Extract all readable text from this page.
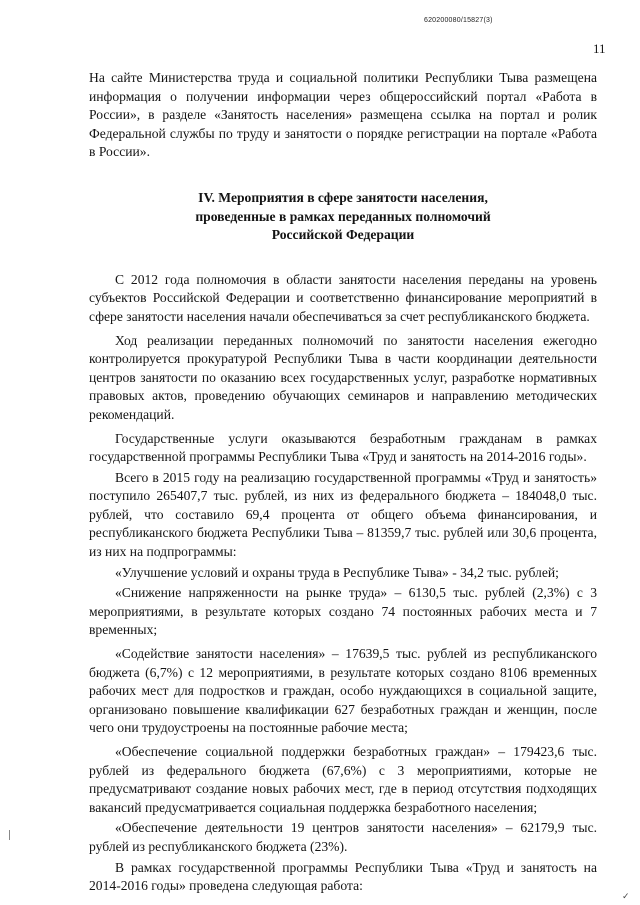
620200080/15827(3)
11

На сайте Министерства труда и социальной политики Республики Тыва размещена информация о получении информации через общероссийский портал «Работа в России», в разделе «Занятость населения» размещена ссылка на портал и ролик Федеральной службы по труду и занятости о порядке регистрации на портале «Работа в России».

IV. Мероприятия в сфере занятости населения,
проведенные в рамках переданных полномочий
Российской Федерации

С 2012 года полномочия в области занятости населения переданы на уровень субъектов Российской Федерации и соответственно финансирование мероприятий в сфере занятости населения начали обеспечиваться за счет республиканского бюджета.

Ход реализации переданных полномочий по занятости населения ежегодно контролируется прокуратурой Республики Тыва в части координации деятельности центров занятости по оказанию всех государственных услуг, разработке нормативных правовых актов, проведению обучающих семинаров и направлению методических рекомендаций.

Государственные услуги оказываются безработным гражданам в рамках государственной программы Республики Тыва «Труд и занятость на 2014-2016 годы».

Всего в 2015 году на реализацию государственной программы «Труд и занятость» поступило 265407,7 тыс. рублей, из них из федерального бюджета – 184048,0 тыс. рублей, что составило 69,4 процента от общего объема финансирования, и республиканского бюджета Республики Тыва – 81359,7 тыс. рублей или 30,6 процента, из них на подпрограммы:

«Улучшение условий и охраны труда в Республике Тыва» - 34,2 тыс. рублей;

«Снижение напряженности на рынке труда» – 6130,5 тыс. рублей (2,3%) с 3 мероприятиями, в результате которых создано 74 постоянных рабочих места и 7 временных;

«Содействие занятости населения» – 17639,5 тыс. рублей из республиканского бюджета (6,7%) с 12 мероприятиями, в результате которых создано 8106 временных рабочих мест для подростков и граждан, особо нуждающихся в социальной защите, организовано повышение квалификации 627 безработных граждан и женщин, после чего они трудоустроены на постоянные рабочие места;

«Обеспечение социальной поддержки безработных граждан» – 179423,6 тыс. рублей из федерального бюджета (67,6%) с 3 мероприятиями, которые не предусматривают создание новых рабочих мест, где в период отсутствия подходящих вакансий предусматривается социальная поддержка безработного населения;

«Обеспечение деятельности 19 центров занятости населения» – 62179,9 тыс. рублей из республиканского бюджета (23%).

В рамках государственной программы Республики Тыва «Труд и занятость на 2014-2016 годы» проведена следующая работа:

✓
